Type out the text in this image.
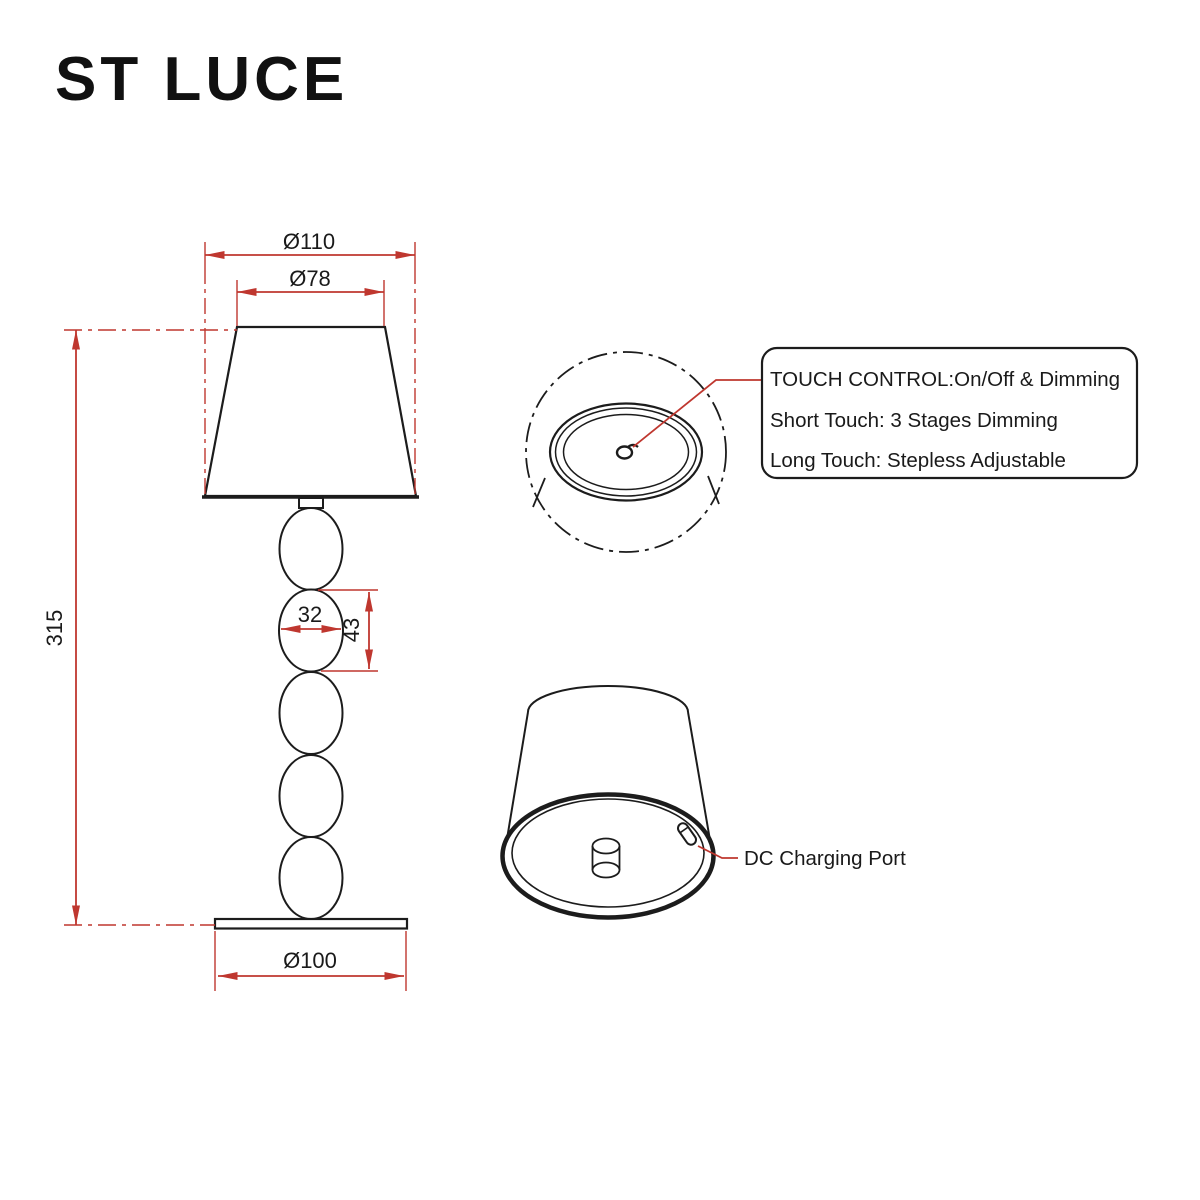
ST LUCE
Ø110
Ø78
315	32
43
Ø100
TOUCH CONTROL:On/Off & Dimming
Short Touch: 3 Stages Dimming
Long Touch: Stepless Adjustable
DC Charging Port
